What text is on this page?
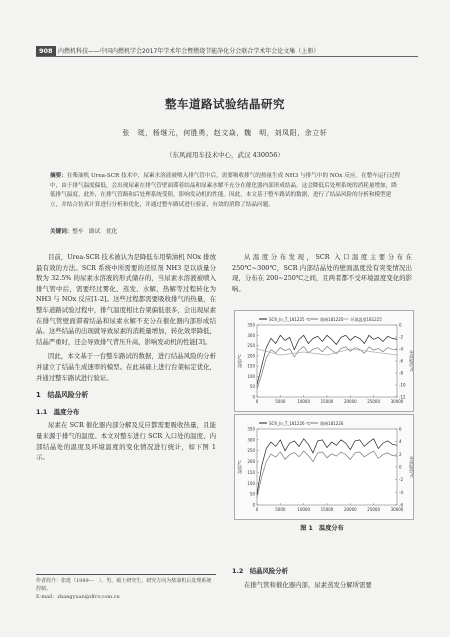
908 内燃机科技——中国内燃机学会2017年学术年会暨燃烧节能净化分会联合学术年会论文集（上册）
整车道路试验结晶研究
张　珽，杨继元，何胜勇，赵文焱，魏　明，刘凤阳，余立轩
（东风商用车技术中心，武汉 430056）
摘要：在柴油机 Urea-SCR 技术中，尿素水溶液被喷入排气管中后，需要吸收排气的热量生成 NH3 与排气中的 NOx 反应。在整车运行过程中，由于排气温度偏低，会出现尿素在排气管壁面滞着结晶和尿素水解不充分在催化器内部形成结晶。这会降低后处理系统的消耗量增加，降低排气温度。此外，在排气管路和后处理系统受阻，影响发动机的性能。因此，本文基于整车路试的数据，进行了结晶风险的分析和模型建立，并结合仿真计算进行分析和优化，并通过整车路试进行验证，有效的消除了结晶问题。
关键词：整车　路试　优化

目前，Urea-SCR 技术被认为是降低车用柴油机 NOx 排放最有效的方法。SCR 系统中所需要的还原剂 NH3 是以质量分数为 32.5% 的尿素水溶液的形式储存的，当尿素水溶液被喷入排气管中后，需要经过雾化、蒸发、水解、热解等过程转化为 NH3 与 NOx 反应[1-2]。这些过程都需要吸收排气的热量，在整车道路试验过程中，排气温度相比台架偏低很多，会出现尿素在排气管壁面滞着结晶和尿素水解不充分在催化器内部形成结晶。这些结晶的出现就导致尿素的消耗量增加，转化效率降低，结晶严重时，还会导致排气背压升高，影响发动机的性能[3]。

因此，本文基于一台整车路试的数据，进行结晶风险的分析并建立了结晶生成速率的模型。在此基础上进行台架标定优化，并通过整车路试进行验证。

1　结晶风险分析
1.1　温度分布

尿素在 SCR 催化器内部分解及反应都需要吸收热量，且能量来源于排气的温度。本文对整车进行 SCR 入口处的温度、内部结晶处的温度及环境温度的变化情况进行统计，如下图 1 示。

作者简介：张珽（1989—　），男，硕士研究生，研究方向为柴油机后处理系统控制。
E-mail：zhangyuan@dfcv.com.cn

从温度分布发现，SCR 入口温度主要分布在 250℃~300℃，SCR 内部结晶处的壁面温度没有突变情况出现，分布在 200~250℃之间，且两者都不受环境温度变化的影响。

SCR_In_T_181225 ℃ 路端181225 环境温度181225
0
50
100
150
200
250
300
350	0
-2
-4
-6
-8
-10
-12
0	5000	10000	15000	20000	25000	30000
温度/℃	环境温度/℃
SCR_In_T_181226 ℃ 路端181226
0
50
100
150
200
250
300
350
-6
-4
-2
0
2
4
6
0	5000	10000	15000	20000	25000	30000
温度/℃	环境温度/℃
图 1　温度分布
1.2　结晶风险分析

在排气管和催化器内部，尿素蒸发分解所需要
